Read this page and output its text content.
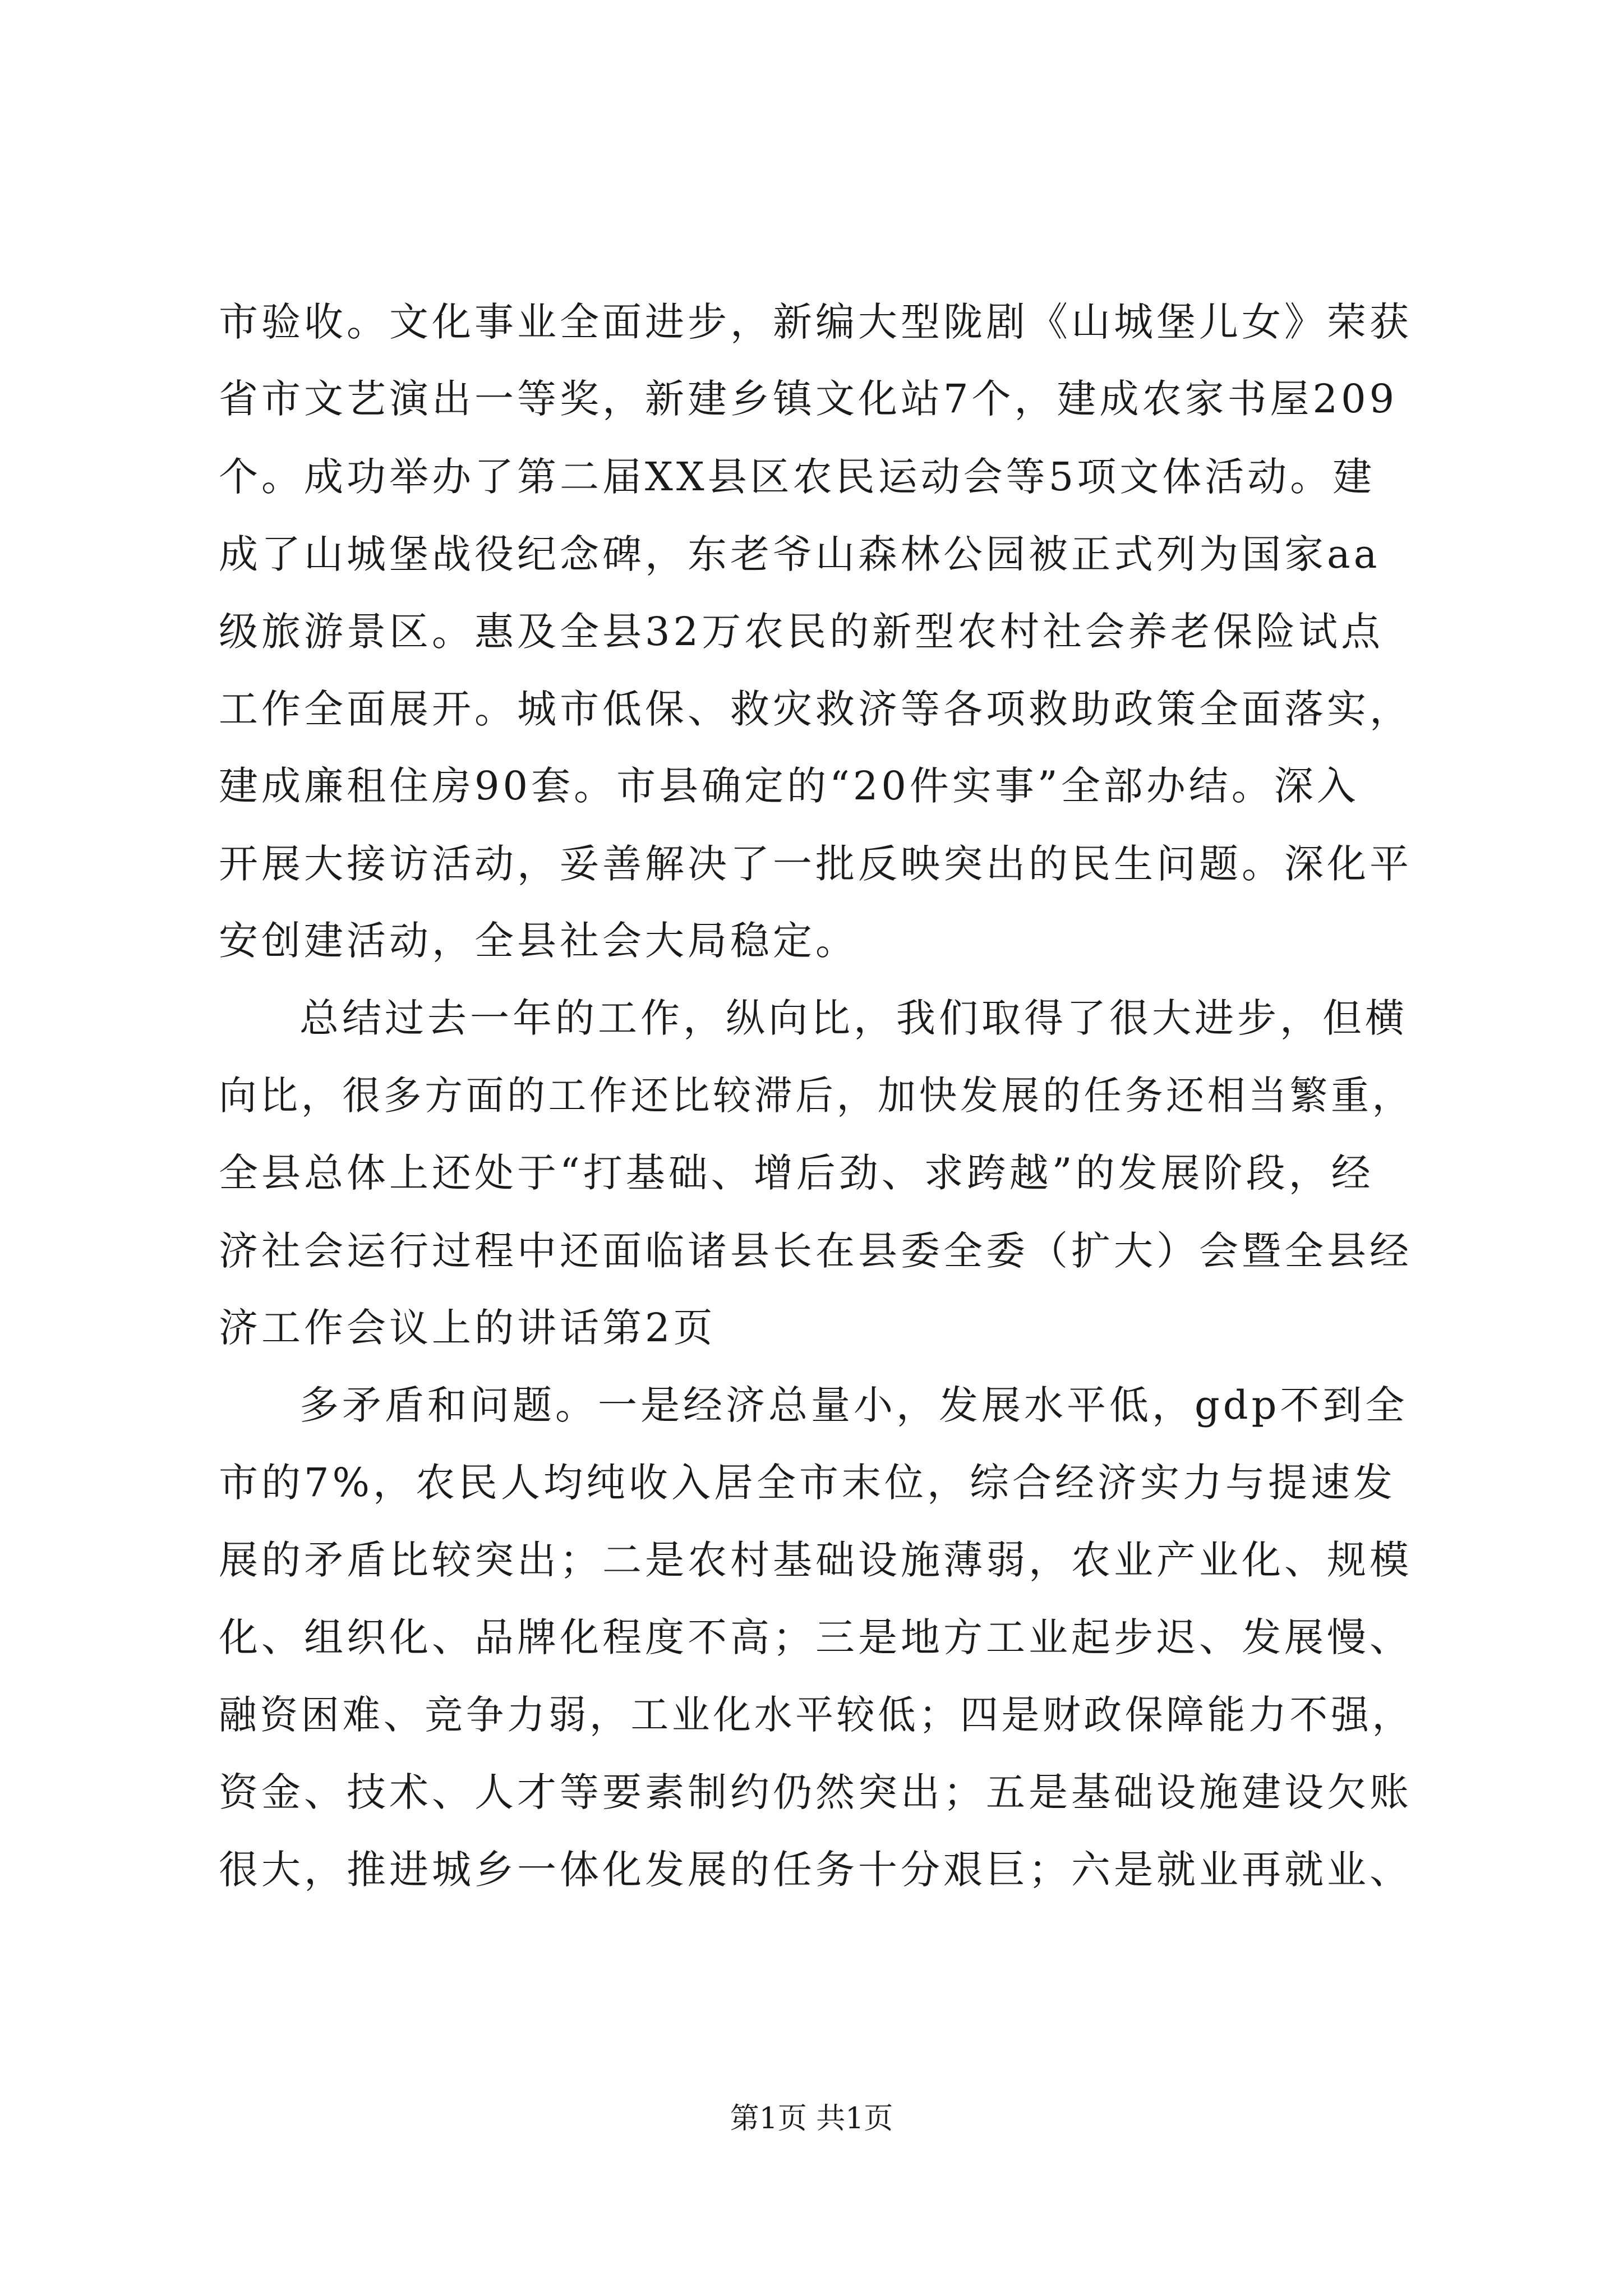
市验收。文化事业全面进步，新编大型陇剧《山城堡儿女》荣获
省市文艺演出一等奖，新建乡镇文化站7个，建成农家书屋209
个。成功举办了第二届XX县区农民运动会等5项文体活动。建
成了山城堡战役纪念碑，东老爷山森林公园被正式列为国家aa
级旅游景区。惠及全县32万农民的新型农村社会养老保险试点
工作全面展开。城市低保、救灾救济等各项救助政策全面落实，
建成廉租住房90套。市县确定的“20件实事”全部办结。深入
开展大接访活动，妥善解决了一批反映突出的民生问题。深化平
安创建活动，全县社会大局稳定。
总结过去一年的工作，纵向比，我们取得了很大进步，但横
向比，很多方面的工作还比较滞后，加快发展的任务还相当繁重，
全县总体上还处于“打基础、增后劲、求跨越”的发展阶段，经
济社会运行过程中还面临诸县长在县委全委（扩大）会暨全县经
济工作会议上的讲话第2页
多矛盾和问题。一是经济总量小，发展水平低，gdp不到全
市的7%，农民人均纯收入居全市末位，综合经济实力与提速发
展的矛盾比较突出；二是农村基础设施薄弱，农业产业化、规模
化、组织化、品牌化程度不高；三是地方工业起步迟、发展慢、
融资困难、竞争力弱，工业化水平较低；四是财政保障能力不强，
资金、技术、人才等要素制约仍然突出；五是基础设施建设欠账
很大，推进城乡一体化发展的任务十分艰巨；六是就业再就业、
第1页 共1页
